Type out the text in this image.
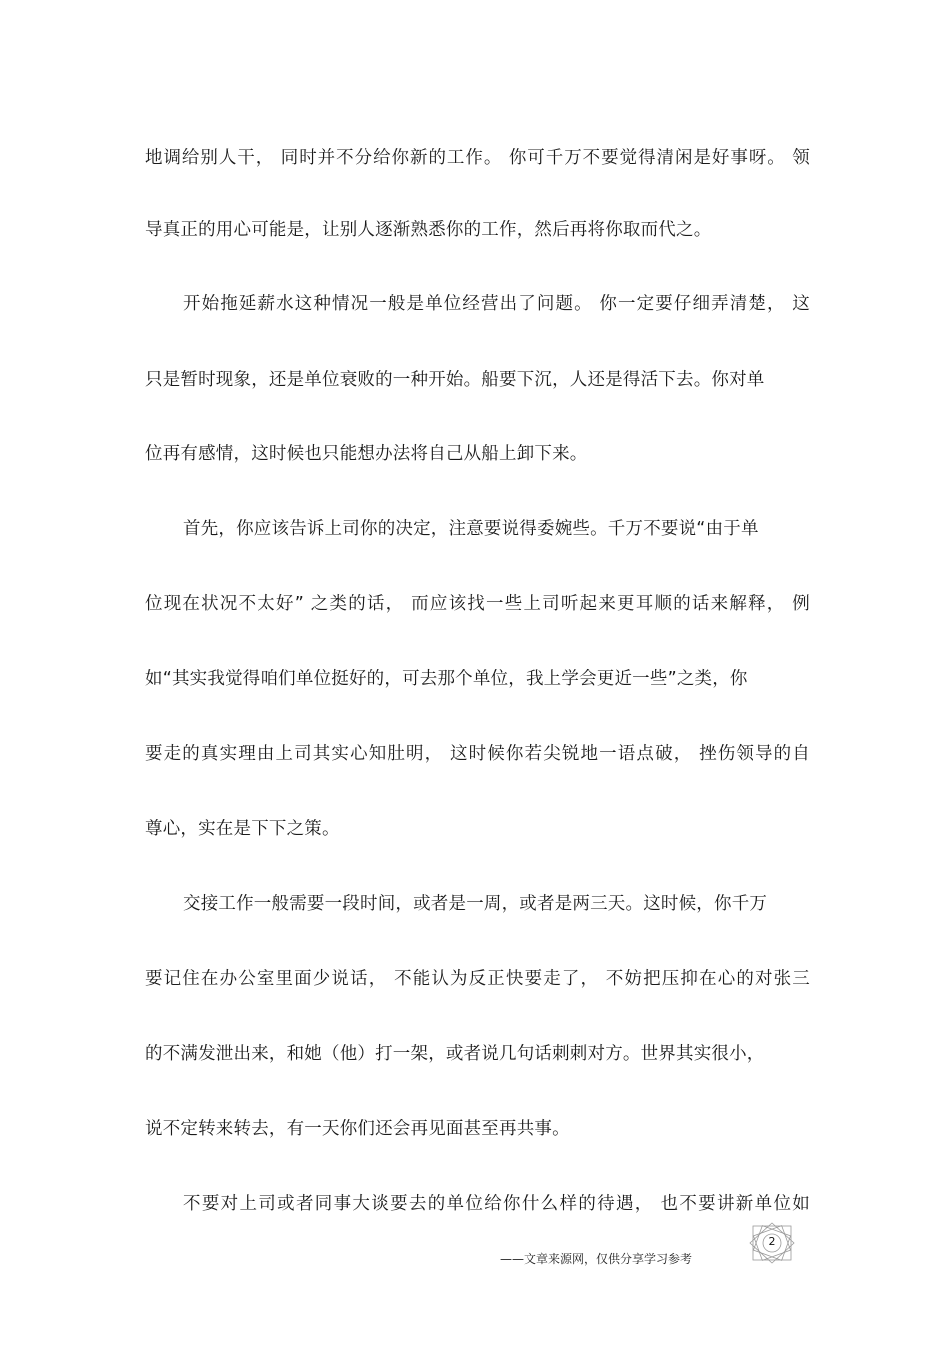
地调给别人干， 同时并不分给你新的工作。 你可千万不要觉得清闲是好事呀。 领
导真正的用心可能是，让别人逐渐熟悉你的工作，然后再将你取而代之。
开始拖延薪水这种情况一般是单位经营出了问题。 你一定要仔细弄清楚， 这
只是暂时现象，还是单位衰败的一种开始。船要下沉，人还是得活下去。你对单
位再有感情，这时候也只能想办法将自己从船上卸下来。
首先，你应该告诉上司你的决定，注意要说得委婉些。千万不要说“由于单
位现在状况不太好” 之类的话， 而应该找一些上司听起来更耳顺的话来解释， 例
如“其实我觉得咱们单位挺好的，可去那个单位，我上学会更近一些”之类，你
要走的真实理由上司其实心知肚明， 这时候你若尖锐地一语点破， 挫伤领导的自
尊心，实在是下下之策。
交接工作一般需要一段时间，或者是一周，或者是两三天。这时候，你千万
要记住在办公室里面少说话， 不能认为反正快要走了， 不妨把压抑在心的对张三
的不满发泄出来，和她（他）打一架，或者说几句话刺刺对方。世界其实很小，
说不定转来转去，有一天你们还会再见面甚至再共事。
不要对上司或者同事大谈要去的单位给你什么样的待遇， 也不要讲新单位如
——文章来源网，仅供分享学习参考
2
